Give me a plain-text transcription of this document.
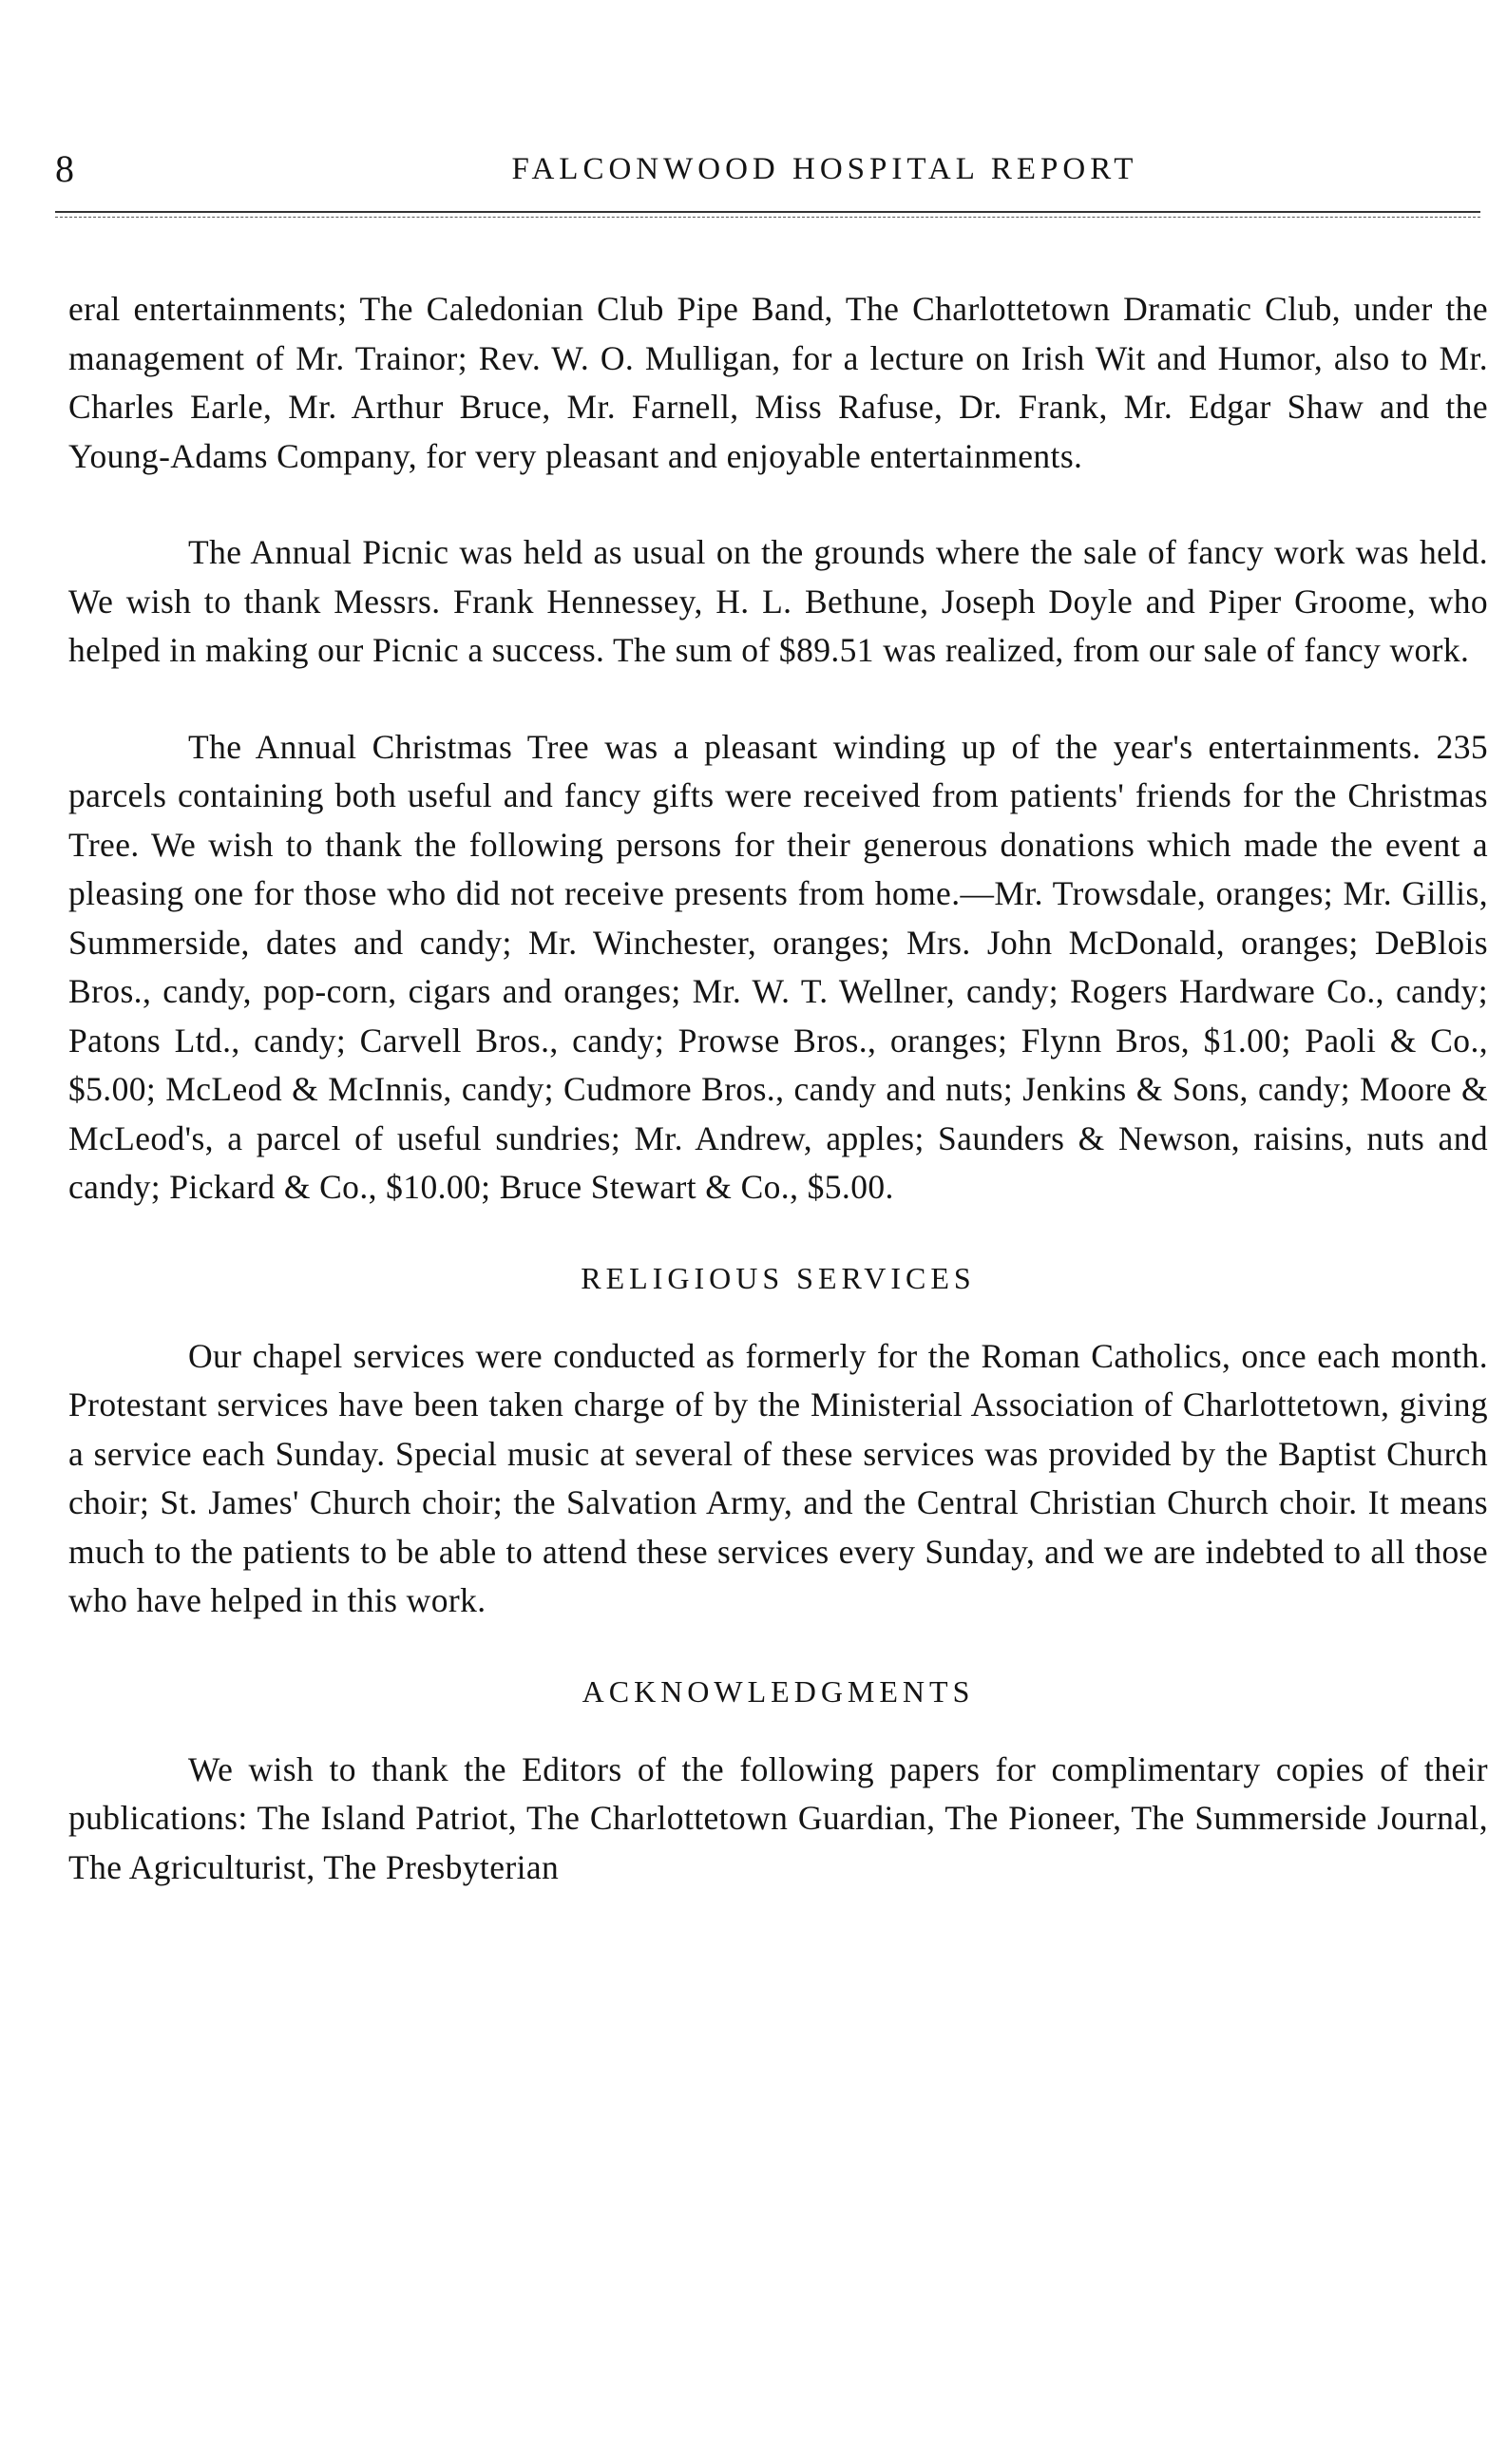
8	FALCONWOOD HOSPITAL REPORT

eral entertainments; The Caledonian Club Pipe Band, The Charlottetown Dramatic Club, under the management of Mr. Trainor; Rev. W. O. Mulligan, for a lecture on Irish Wit and Humor, also to Mr. Charles Earle, Mr. Arthur Bruce, Mr. Farnell, Miss Rafuse, Dr. Frank, Mr. Edgar Shaw and the Young-Adams Company, for very pleasant and enjoyable entertainments.

The Annual Picnic was held as usual on the grounds where the sale of fancy work was held. We wish to thank Messrs. Frank Hennessey, H. L. Bethune, Joseph Doyle and Piper Groome, who helped in making our Picnic a success. The sum of $89.51 was realized, from our sale of fancy work.

The Annual Christmas Tree was a pleasant winding up of the year's entertainments. 235 parcels containing both useful and fancy gifts were received from patients' friends for the Christmas Tree. We wish to thank the following persons for their generous donations which made the event a pleasing one for those who did not receive presents from home.—Mr. Trowsdale, oranges; Mr. Gillis, Summerside, dates and candy; Mr. Winchester, oranges; Mrs. John McDonald, oranges; DeBlois Bros., candy, pop-corn, cigars and oranges; Mr. W. T. Wellner, candy; Rogers Hardware Co., candy; Patons Ltd., candy; Carvell Bros., candy; Prowse Bros., oranges; Flynn Bros, $1.00; Paoli & Co., $5.00; McLeod & McInnis, candy; Cudmore Bros., candy and nuts; Jenkins & Sons, candy; Moore & McLeod's, a parcel of useful sundries; Mr. Andrew, apples; Saunders & Newson, raisins, nuts and candy; Pickard & Co., $10.00; Bruce Stewart & Co., $5.00.

RELIGIOUS SERVICES

Our chapel services were conducted as formerly for the Roman Catholics, once each month. Protestant services have been taken charge of by the Ministerial Association of Charlottetown, giving a service each Sunday. Special music at several of these services was provided by the Baptist Church choir; St. James' Church choir; the Salvation Army, and the Central Christian Church choir. It means much to the patients to be able to attend these services every Sunday, and we are indebted to all those who have helped in this work.

ACKNOWLEDGMENTS

We wish to thank the Editors of the following papers for complimentary copies of their publications: The Island Patriot, The Charlottetown Guardian, The Pioneer, The Summerside Journal, The Agriculturist, The Presbyterian
